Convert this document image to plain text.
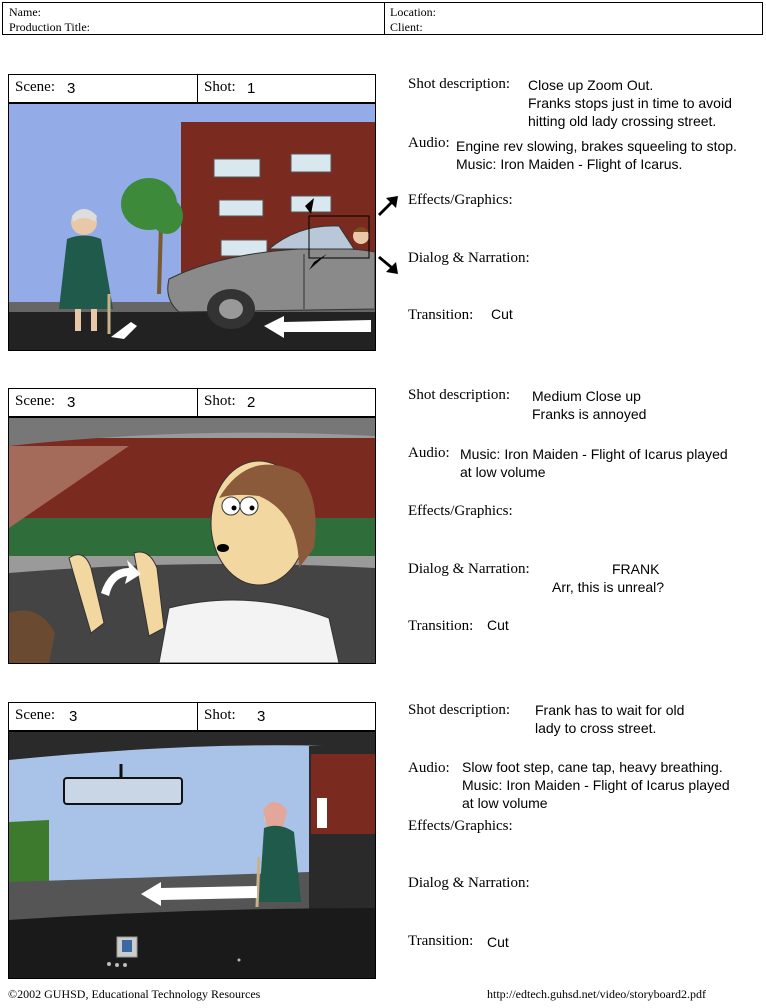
Name:
Production Title:
Location:
Client:
Scene: 3	Shot: 1	Shot description: Close up Zoom Out.
Franks stops just in time to avoid
hitting old lady crossing street.
Audio: Engine rev slowing, brakes squeeling to stop.
Music: Iron Maiden - Flight of Icarus.
Effects/Graphics:
Dialog & Narration:
Transition: Cut
Scene: 3	Shot: 2	Shot description: Medium Close up
Franks is annoyed
Audio: Music: Iron Maiden - Flight of Icarus played
at low volume
Effects/Graphics:
Dialog & Narration:	FRANK
Arr, this is unreal?
Transition: Cut
Scene: 3	Shot: 3	Shot description: Frank has to wait for old
lady to cross street.
Audio: Slow foot step, cane tap, heavy breathing.
Music: Iron Maiden - Flight of Icarus played
at low volume
Effects/Graphics:
Dialog & Narration:
Transition: Cut
©2002 GUHSD, Educational Technology Resources	http://edtech.guhsd.net/video/storyboard2.pdf
